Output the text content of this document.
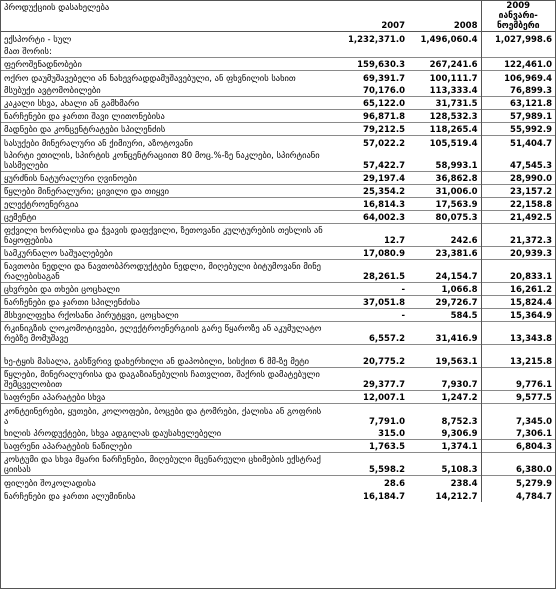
პროდუქციის დასახელება	2007	2008	2009
იანვარი-ნოემბერი
ექსპორტი - სულ	1,232,371.0	1,496,060.4	1,027,998.6
მათ შორის:			
ფეროშენადნობები	159,630.3	267,241.6	122,461.0
ოქრო დაუმუშავებელი ან ნახევრადდამუშავებული, ან ფხვნილის სახით	69,391.7	100,111.7	106,969.4
მსუბუქი ავტომობილები	70,176.0	113,333.4	76,899.3
კაკალი სხვა, ახალი ან გამხმარი	65,122.0	31,731.5	63,121.8
ნარჩენები და ჯართი შავი ლითონებისა	96,871.8	128,532.3	57,989.1
მადნები და კონცენტრატები სპილენძის	79,212.5	118,265.4	55,992.9
სასუქები მინერალური ან ქიმიური, აზოტოვანი	57,022.2	105,519.4	51,404.7
სპირტი ეთილის, სპირტის კონცენტრაციით 80 მოც.%-ზე ნაკლები, სპირტიანი სასმელები	57,422.7	58,993.1	47,545.3
ყურძნის ნატურალური ღვინოები	29,197.4	36,862.8	28,990.0
წყლები მინერალური; ცივილი და თიყვი	25,354.2	31,006.0	23,157.2
ელექტროენერგია	16,814.3	17,563.9	22,158.8
ცემენტი	64,002.3	80,075.3	21,492.5
ფქვილი ხორბლისა და ჭვავის დაფქვილი, ზეთოვანი კულტურების თესლის ან ნაყოფებისა	12.7	242.6	21,372.3
სამკურნალო საშუალებები	17,080.9	23,381.6	20,939.3
ნავთობი ნედლი და ნავთობპროდუქტები ნედლი, მიღებული ბიტუმოვანი მინერალებისაგან	28,261.5	24,154.7	20,833.1
ცხვრები და თხები ცოცხალი	-	1,066.8	16,261.2
ნარჩენები და ჯართი სპილენძისა	37,051.8	29,726.7	15,824.4
მსხვილფეხა რქოსანი პირუტყვი, ცოცხალი	-	584.5	15,364.9
რკინიგზის ლოკომოტივები, ელექტროენერგიის გარე წყაროზე ან აკუმულატორებზე მომუშავე	6,557.2	31,416.9	13,343.8
ხე-ტყის მასალა, გასწვრივ დახერხილი ან დაპობილი, სისქით 6 მმ-ზე მეტი	20,775.2	19,563.1	13,215.8
წყლები, მინერალურისა და დაგაზიანებულის ჩათვლით, შაქრის დამატებული შემცველობით	29,377.7	7,930.7	9,776.1
საფრენი აპარატები სხვა	12,007.1	1,247.2	9,577.5
კონტეინერები, ყუთები, კოლოფები, ბოცები და ტომრები, ქალისა ან გოფრისა	7,791.0	8,752.3	7,345.0
ხილის პროდუქტები, სხვა ადგილას დაუსახელებელი	315.0	9,306.9	7,306.1
საფრენი აპარატების ნაწილები	1,763.5	1,374.1	6,804.3
კოსტუმი და სხვა მყარი ნარჩენები, მიღებული მცენარეული ცხიმების ექსტრაქციისას	5,598.2	5,108.3	6,380.0
ფილები შოკოლადისა	28.6	238.4	5,279.9
ნარჩენები და ჯართი ალუმინისა	16,184.7	14,212.7	4,784.7
